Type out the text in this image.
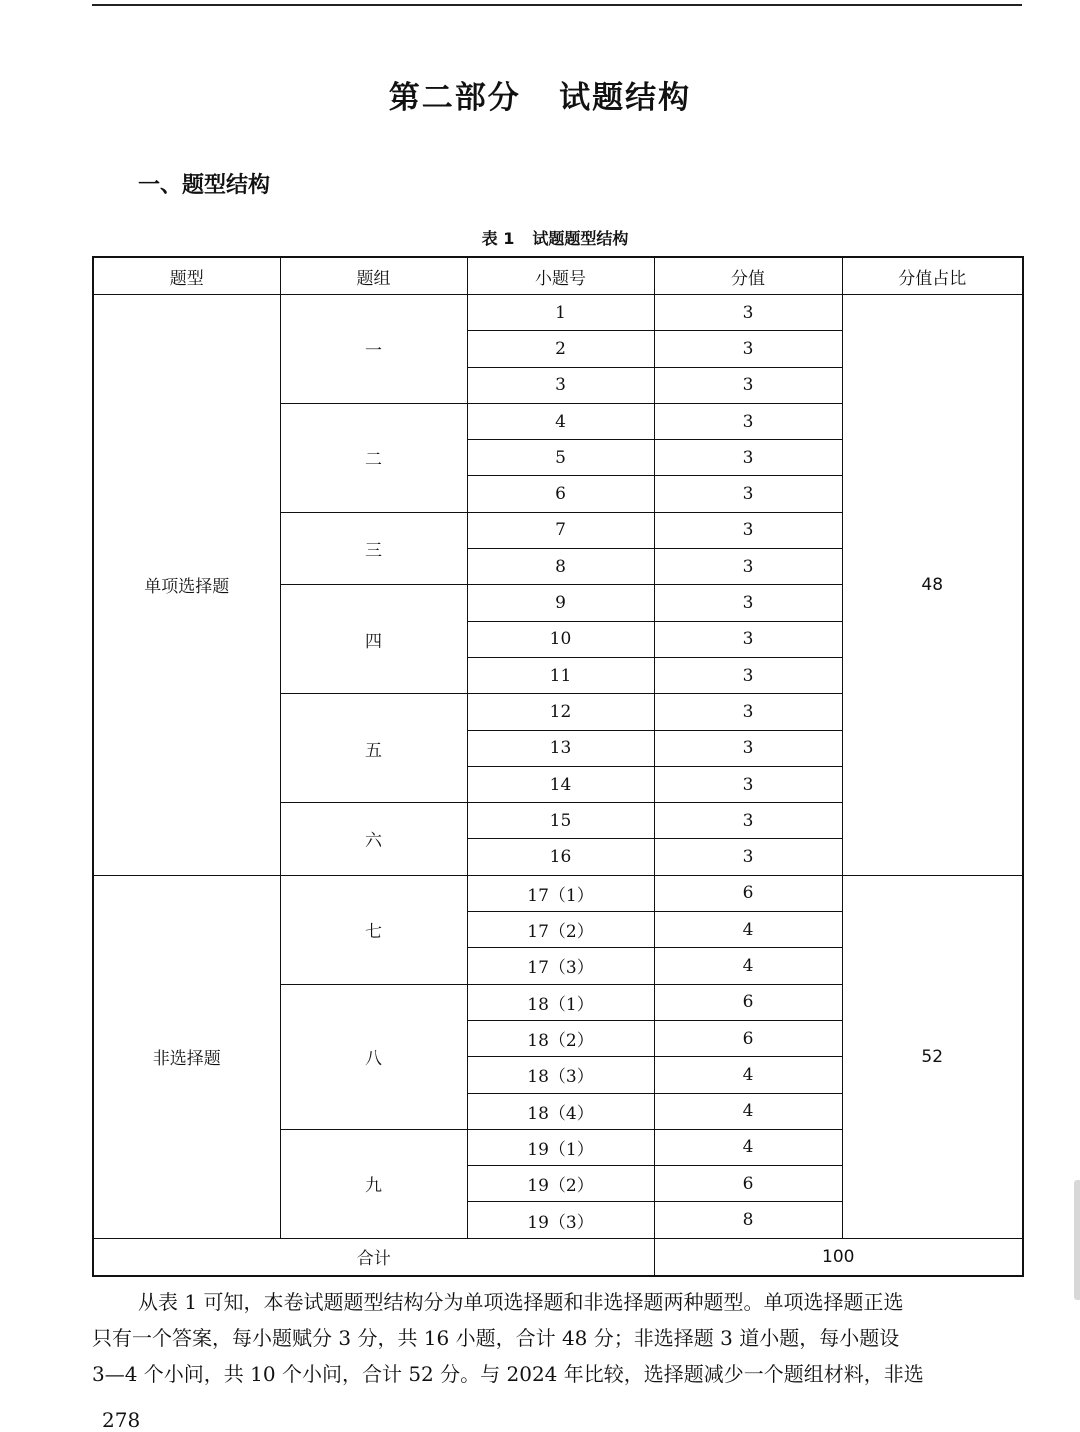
第二部分   试题结构
一、题型结构
表 1 试题题型结构
题型	题组	小题号	分值	分值占比
单项选择题	一	1	3	48
		2	3	
		3	3	
	二	4	3	
		5	3	
		6	3	
	三	7	3	
		8	3	
	四	9	3	
		10	3	
		11	3	
	五	12	3	
		13	3	
		14	3	
	六	15	3	
		16	3	
非选择题	七	17（1）	6	52
		17（2）	4	
		17（3）	4	
	八	18（1）	6	
		18（2）	6	
		18（3）	4	
		18（4）	4	
	九	19（1）	4	
		19（2）	6	
		19（3）	8	
合计			100	
从表 1 可知，本卷试题题型结构分为单项选择题和非选择题两种题型。单项选择题正选
只有一个答案，每小题赋分 3 分，共 16 小题，合计 48 分；非选择题 3 道小题，每小题设
3—4 个小问，共 10 个小问，合计 52 分。与 2024 年比较，选择题减少一个题组材料，非选
278
